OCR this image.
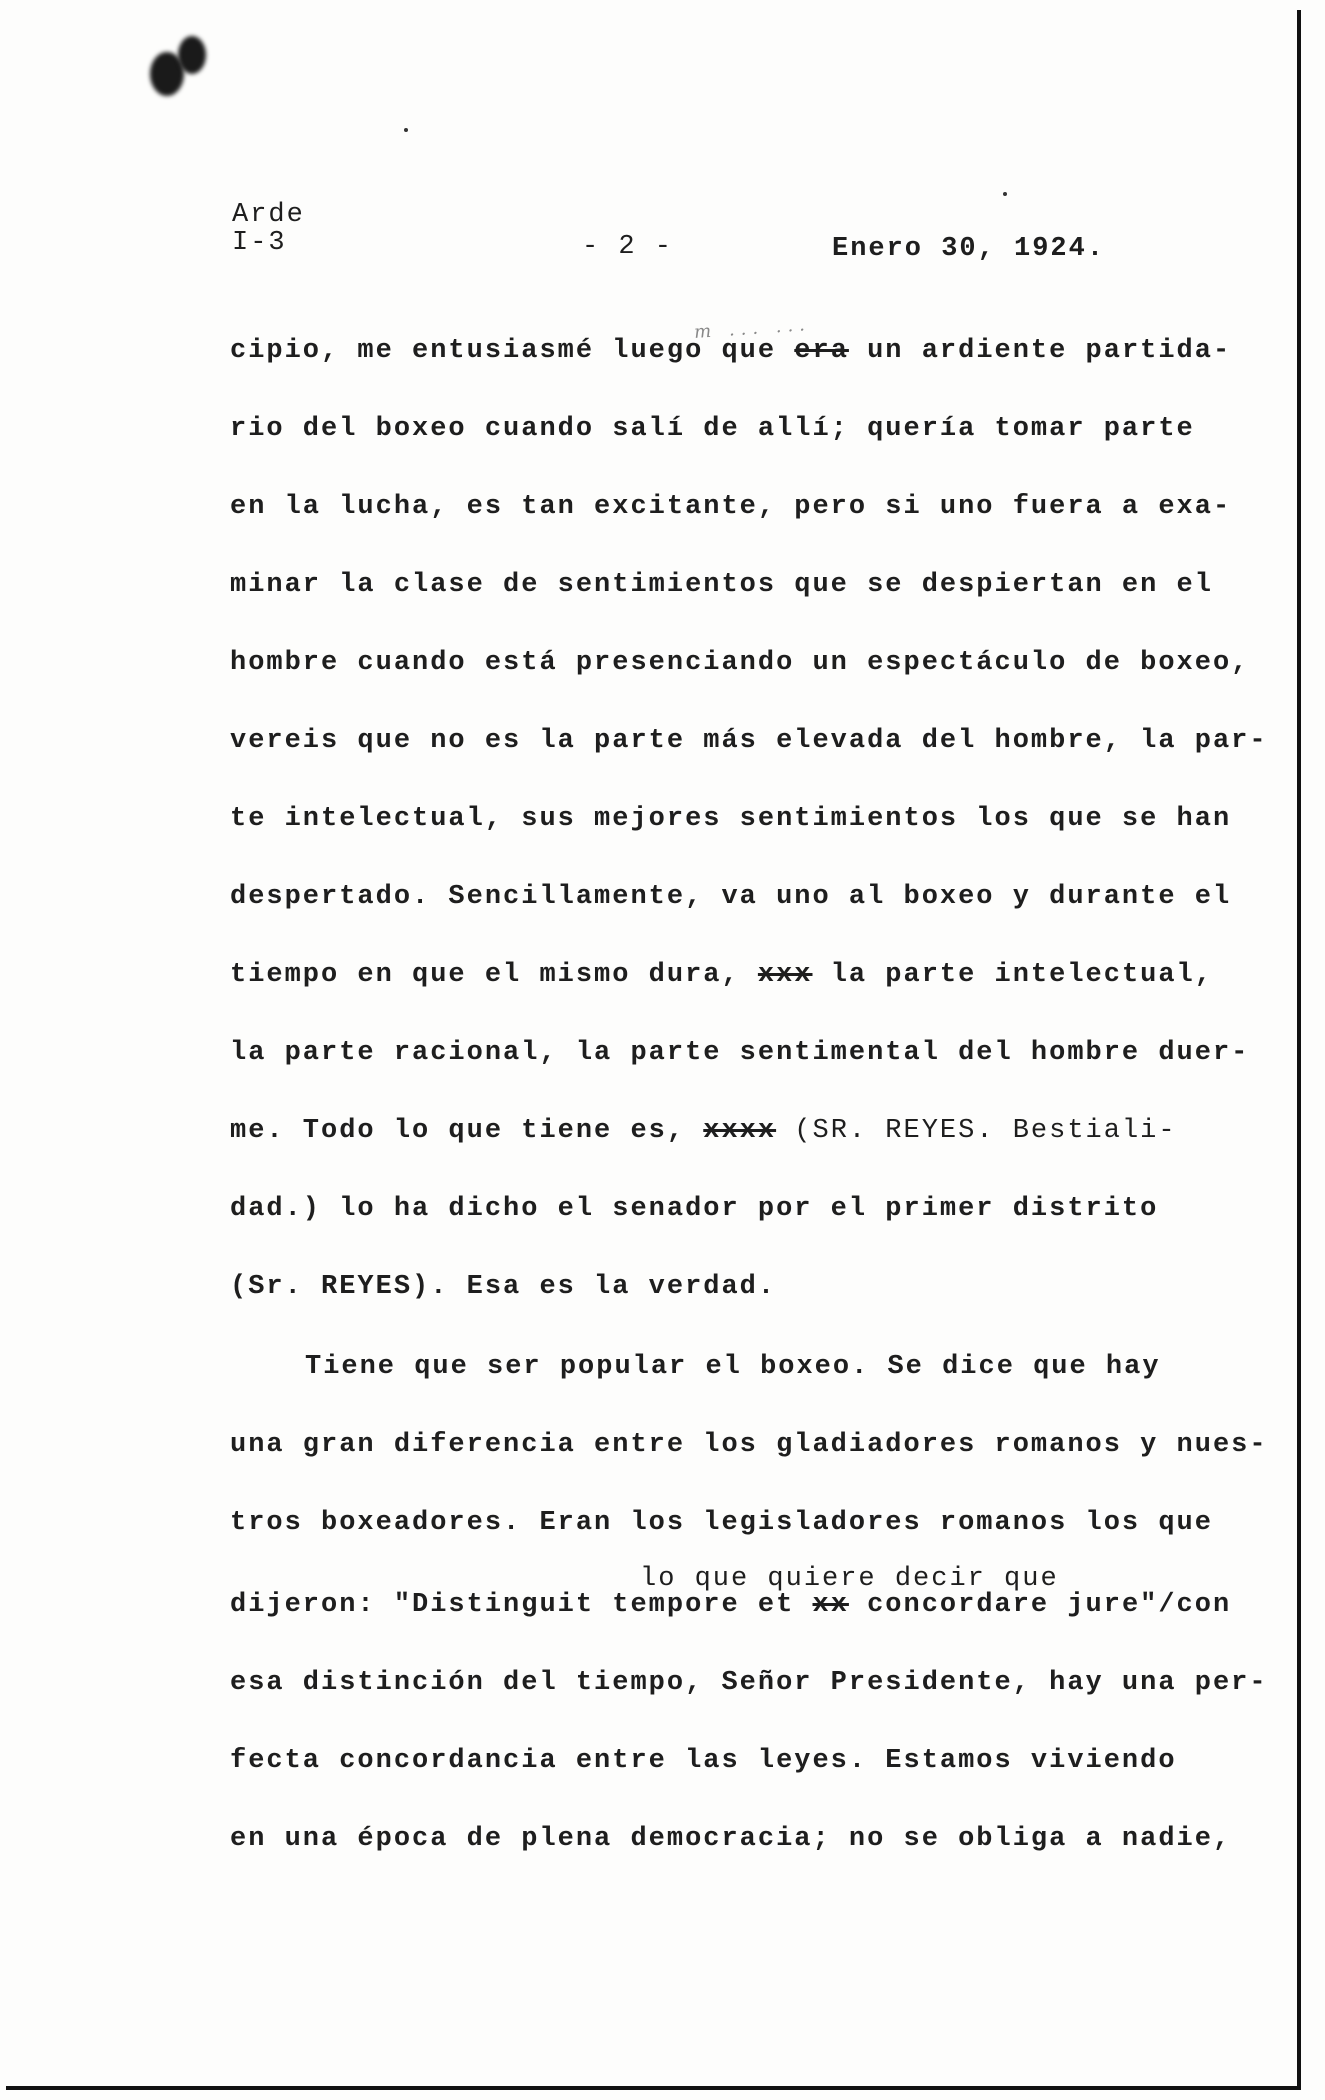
Arde
I-3	- 2 -	Enero 30, 1924.
m ... ...
cipio, me entusiasmé luego que era un ardiente partida-
rio del boxeo cuando salí de allí; quería tomar parte
en la lucha, es tan excitante, pero si uno fuera a exa-
minar la clase de sentimientos que se despiertan en el
hombre cuando está presenciando un espectáculo de boxeo,
vereis que no es la parte más elevada del hombre, la par-
te intelectual, sus mejores sentimientos los que se han
despertado. Sencillamente, va uno al boxeo y durante el
tiempo en que el mismo dura, xxx la parte intelectual,
la parte racional, la parte sentimental del hombre duer-
me. Todo lo que tiene es, xxxx (SR. REYES. Bestiali-
dad.) lo ha dicho el senador por el primer distrito
(Sr. REYES). Esa es la verdad.
Tiene que ser popular el boxeo. Se dice que hay
una gran diferencia entre los gladiadores romanos y nues-
tros boxeadores. Eran los legisladores romanos los que
lo que quiere decir que
dijeron: "Distinguit tempore et xx concordare jure"/con
esa distinción del tiempo, Señor Presidente, hay una per-
fecta concordancia entre las leyes. Estamos viviendo
en una época de plena democracia; no se obliga a nadie,
